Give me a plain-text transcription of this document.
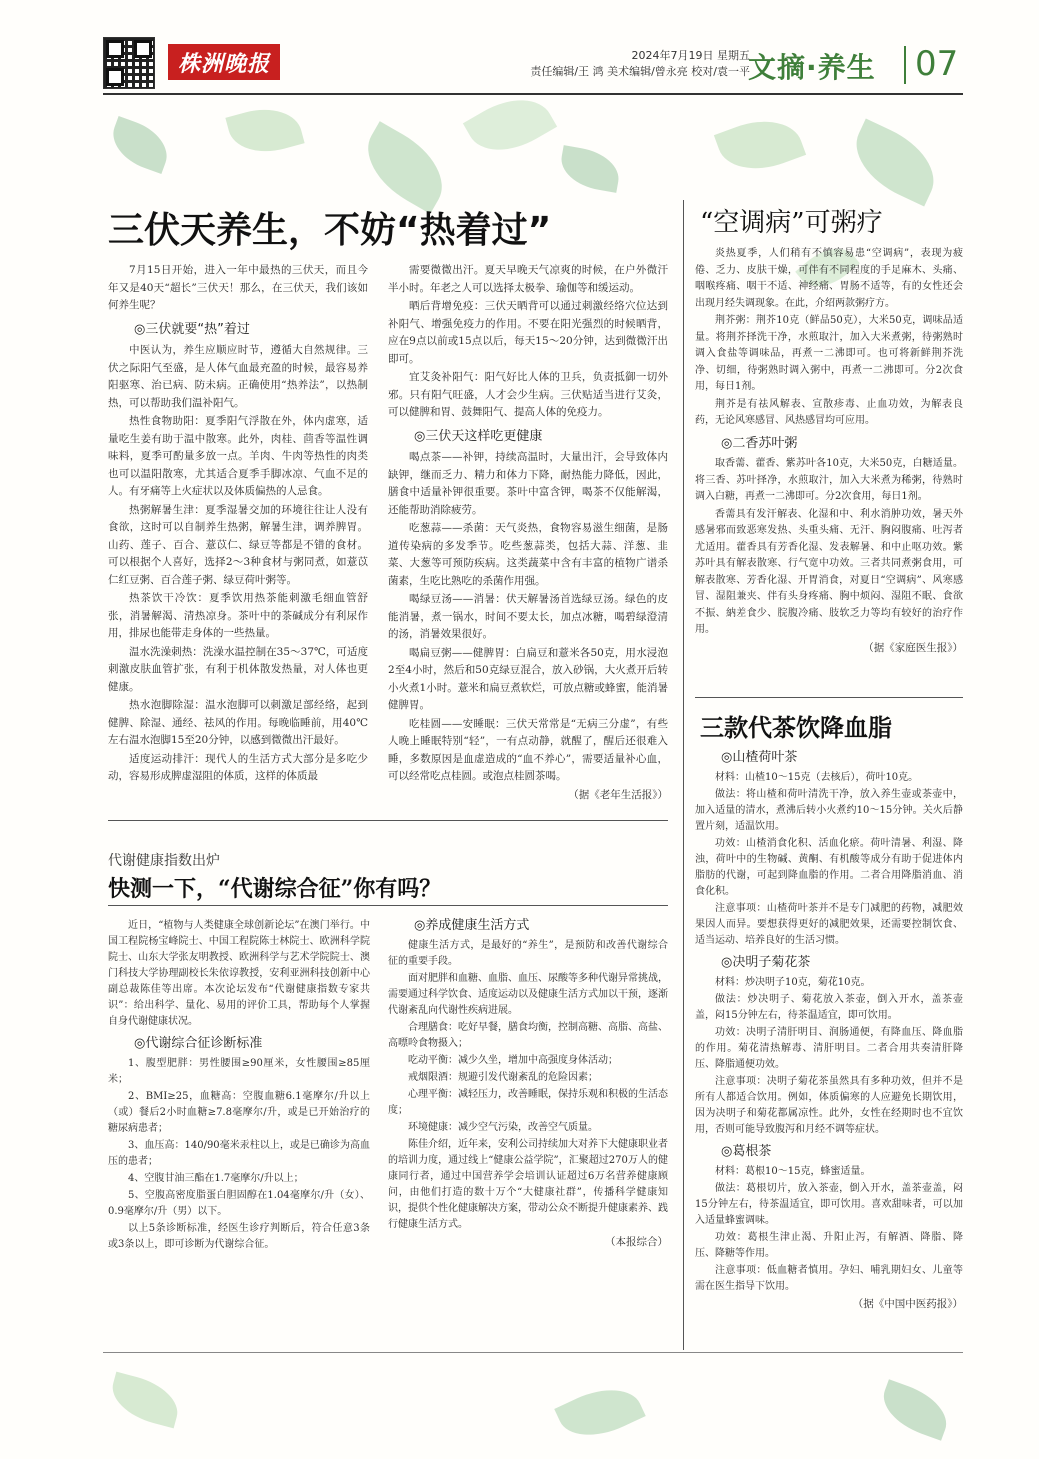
株洲晚报	2024年7月19日 星期五
责任编辑/王 鸿 美术编辑/曾永亮 校对/袁一平
文摘·养生 07
三伏天养生，不妨“热着过”

7月15日开始，进入一年中最热的三伏天，而且今年又是40天“超长”三伏天！那么，在三伏天，我们该如何养生呢？

◎三伏就要“热”着过

中医认为，养生应顺应时节，遵循大自然规律。三伏之际阳气至盛，是人体气血最充盈的时候，最容易养阳驱寒、治已病、防未病。正确使用“热养法”，以热制热，可以帮助我们温补阳气。

热性食物助阳：夏季阳气浮散在外，体内虚寒，适量吃生姜有助于温中散寒。此外，肉桂、茴香等温性调味料，夏季可酌量多放一点。羊肉、牛肉等热性的肉类也可以温阳散寒，尤其适合夏季手脚冰凉、气血不足的人。有牙痛等上火症状以及体质偏热的人忌食。

热粥解暑生津：夏季湿暑交加的环境往往让人没有食欲，这时可以自制养生热粥，解暑生津，调养脾胃。山药、莲子、百合、薏苡仁、绿豆等都是不错的食材。可以根据个人喜好，选择2～3种食材与粥同煮，如薏苡仁红豆粥、百合莲子粥、绿豆荷叶粥等。

热茶饮干冷饮：夏季饮用热茶能刺激毛细血管舒张，消暑解渴、清热凉身。茶叶中的茶碱成分有利尿作用，排尿也能带走身体的一些热量。

温水洗澡刺热：洗澡水温控制在35～37℃，可适度刺激皮肤血管扩张，有利于机体散发热量，对人体也更健康。

热水泡脚除湿：温水泡脚可以刺激足部经络，起到健脾、除湿、通经、祛风的作用。每晚临睡前，用40℃左右温水泡脚15至20分钟，以感到微微出汗最好。

适度运动排汗：现代人的生活方式大部分是多吃少动，容易形成脾虚湿阻的体质，这样的体质最

需要微微出汗。夏天早晚天气凉爽的时候，在户外微汗半小时。年老之人可以选择太极拳、瑜伽等和缓运动。

晒后背增免疫：三伏天晒背可以通过刺激经络穴位达到补阳气、增强免疫力的作用。不要在阳光强烈的时候晒背，应在9点以前或15点以后，每天15～20分钟，达到微微汗出即可。

宜艾灸补阳气：阳气好比人体的卫兵，负责抵御一切外邪。只有阳气旺盛，人才会少生病。三伏贴适当进行艾灸，可以健脾和胃、鼓舞阳气、提高人体的免疫力。

◎三伏天这样吃更健康

喝点茶——补钾，持续高温时，大量出汗，会导致体内缺钾，继而乏力、精力和体力下降，耐热能力降低，因此，膳食中适量补钾很重要。茶叶中富含钾，喝茶不仅能解渴，还能帮助消除疲劳。

吃葱蒜——杀菌：天气炎热，食物容易滋生细菌，是肠道传染病的多发季节。吃些葱蒜类，包括大蒜、洋葱、韭菜、大葱等可预防疾病。这类蔬菜中含有丰富的植物广谱杀菌素，生吃比熟吃的杀菌作用强。

喝绿豆汤——消暑：伏天解暑汤首选绿豆汤。绿色的皮能消暑，煮一锅水，时间不要太长，加点冰糖，喝碧绿澄清的汤，消暑效果很好。

喝扁豆粥——健脾胃：白扁豆和薏米各50克，用水浸泡2至4小时，然后和50克绿豆混合，放入砂锅，大火煮开后转小火煮1小时。薏米和扁豆煮软烂，可放点糖或蜂蜜，能消暑健脾胃。

吃桂圆——安睡眠：三伏天常常是“无病三分虚”，有些人晚上睡眠特别“轻”，一有点动静，就醒了，醒后还很难入睡，多数原因是血虚造成的“血不养心”，需要适量补心血，可以经常吃点桂圆。或泡点桂圆茶喝。

（据《老年生活报》）

“空调病”可粥疗

炎热夏季，人们稍有不慎容易患“空调病”，表现为疲倦、乏力、皮肤干燥，可伴有不同程度的手足麻木、头痛、咽喉疼痛、咽干不适、神经痛、胃肠不适等，有的女性还会出现月经失调现象。在此，介绍两款粥疗方。

荆芥粥：荆芥10克（鲜品50克），大米50克，调味品适量。将荆芥择洗干净，水煎取汁，加入大米煮粥，待粥熟时调入食盐等调味品，再煮一二沸即可。也可将新鲜荆芥洗净、切细，待粥熟时调入粥中，再煮一二沸即可。分2次食用，每日1剂。

荆芥是有祛风解表、宣散疹毒、止血功效，为解表良药，无论风寒感冒、风热感冒均可应用。

◎二香苏叶粥

取香薷、藿香、紫苏叶各10克，大米50克，白糖适量。将三香、苏叶择净，水煎取汁，加入大米煮为稀粥，待熟时调入白糖，再煮一二沸即可。分2次食用，每日1剂。

香薷具有发汗解表、化湿和中、利水消肿功效，暑天外感暑邪而致恶寒发热、头重头痛、无汗、胸闷腹痛、吐泻者尤适用。藿香具有芳香化湿、发表解暑、和中止呕功效。紫苏叶具有解表散寒、行气宽中功效。三者共同煮粥食用，可解表散寒、芳香化湿、开胃消食，对夏日“空调病”、风寒感冒、湿阻兼夹、伴有头身疼痛、胸中烦闷、湿阻不眠、食欲不振、納差食少、脘腹冷痛、肢软乏力等均有较好的治疗作用。

（据《家庭医生报》）

三款代茶饮降血脂
◎山楂荷叶茶

材料：山楂10～15克（去核后），荷叶10克。

做法：将山楂和荷叶清洗干净，放入养生壶或茶壶中，加入适量的清水，煮沸后转小火煮约10～15分钟。关火后静置片刻，适温饮用。

功效：山楂消食化积、活血化瘀。荷叶清暑、利湿、降浊，荷叶中的生物碱、黄酮、有机酸等成分有助于促进体内脂肪的代谢，可起到降血脂的作用。二者合用降脂消血、消食化积。

注意事项：山楂荷叶茶并不是专门减肥的药物，减肥效果因人而异。要想获得更好的减肥效果，还需要控制饮食、适当运动、培养良好的生活习惯。

◎决明子菊花茶

材料：炒决明子10克，菊花10克。

做法：炒决明子、菊花放入茶壶，倒入开水，盖茶壶盖，闷15分钟左右，待茶温适宜，即可饮用。

功效：决明子清肝明目、润肠通便，有降血压、降血脂的作用。菊花清热解毒、清肝明目。二者合用共奏清肝降压、降脂通便功效。

注意事项：决明子菊花茶虽然具有多种功效，但并不是所有人都适合饮用。例如，体质偏寒的人应避免长期饮用，因为决明子和菊花都属凉性。此外，女性在经期时也不宜饮用，否则可能导致腹泻和月经不调等症状。

◎葛根茶

材料：葛根10～15克，蜂蜜适量。

做法：葛根切片，放入茶壶，倒入开水，盖茶壶盖，闷15分钟左右，待茶温适宜，即可饮用。喜欢甜味者，可以加入适量蜂蜜调味。

功效：葛根生津止渴、升阳止泻，有解酒、降脂、降压、降糖等作用。

注意事项：低血糖者慎用。孕妇、哺乳期妇女、儿童等需在医生指导下饮用。

（据《中国中医药报》）

代谢健康指数出炉
快测一下，“代谢综合征”你有吗？

近日，“植物与人类健康全球创新论坛”在澳门举行。中国工程院杨宝峰院士、中国工程院陈士林院士、欧洲科学院院士、山东大学张友明教授、欧洲科学与艺术学院院士、澳门科技大学协理副校长朱依谆教授，安利亚洲科技创新中心副总裁陈佳等出席。本次论坛发布“代谢健康指数专家共识”：给出科学、量化、易用的评价工具，帮助每个人掌握自身代谢健康状况。

◎代谢综合征诊断标准

1、腹型肥胖：男性腰围≥90厘米，女性腰围≥85厘米；

2、BMI≥25，血糖高：空腹血糖6.1毫摩尔/升以上（或）餐后2小时血糖≥7.8毫摩尔/升，或是已开始治疗的糖尿病患者；

3、血压高：140/90毫米汞柱以上，或是已确诊为高血压的患者；

4、空腹甘油三酯在1.7毫摩尔/升以上；

5、空腹高密度脂蛋白胆固醇在1.04毫摩尔/升（女）、0.9毫摩尔/升（男）以下。

以上5条诊断标准，经医生诊疗判断后，符合任意3条或3条以上，即可诊断为代谢综合征。

◎养成健康生活方式

健康生活方式，是最好的“养生”，是预防和改善代谢综合征的重要手段。

面对肥胖和血糖、血脂、血压、尿酸等多种代谢异常挑战，需要通过科学饮食、适度运动以及健康生活方式加以干预，逐渐代谢紊乱向代谢性疾病进展。

合理膳食：吃好早餐，膳食均衡，控制高糖、高脂、高盐、高嘌呤食物摄入；

吃动平衡：减少久坐，增加中高强度身体活动；

戒烟限酒：规避引发代谢紊乱的危险因素；

心理平衡：减轻压力，改善睡眠，保持乐观和积极的生活态度；

环境健康：减少空气污染，改善空气质量。

陈佳介绍，近年来，安利公司持续加大对养下大健康职业者的培训力度，通过线上“健康公益学院”，汇聚超过270万人的健康同行者，通过中国营养学会培训认证超过6万名营养健康顾问，由他们打造的数十万个“大健康社群”，传播科学健康知识，提供个性化健康解决方案，带动公众不断提升健康素养、践行健康生活方式。

（本报综合）
